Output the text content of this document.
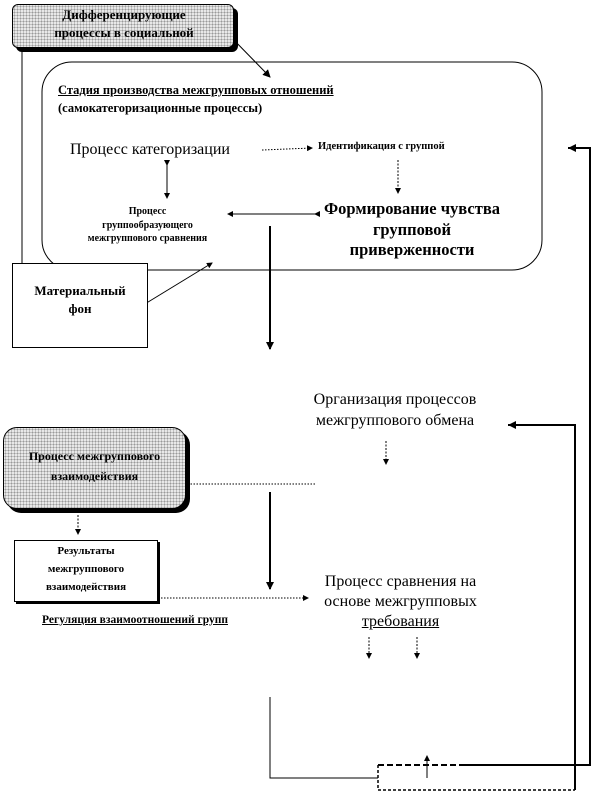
Дифференцирующие
процессы в социальной
Стадия производства межгрупповых отношений
(самокатегоризационные процессы)
Процесс категоризации	Идентификация с группой
Процесс
группообразующего
межгруппового сравнения
Формирование чувства
групповой
приверженности
Материальный
фон
Организация процессов
межгруппового обмена
Процесс межгруппового
взаимодействия
Результаты
межгруппового
взаимодействия	Процесс сравнения на
основе межгрупповых
требования
Регуляция взаимоотношений групп
